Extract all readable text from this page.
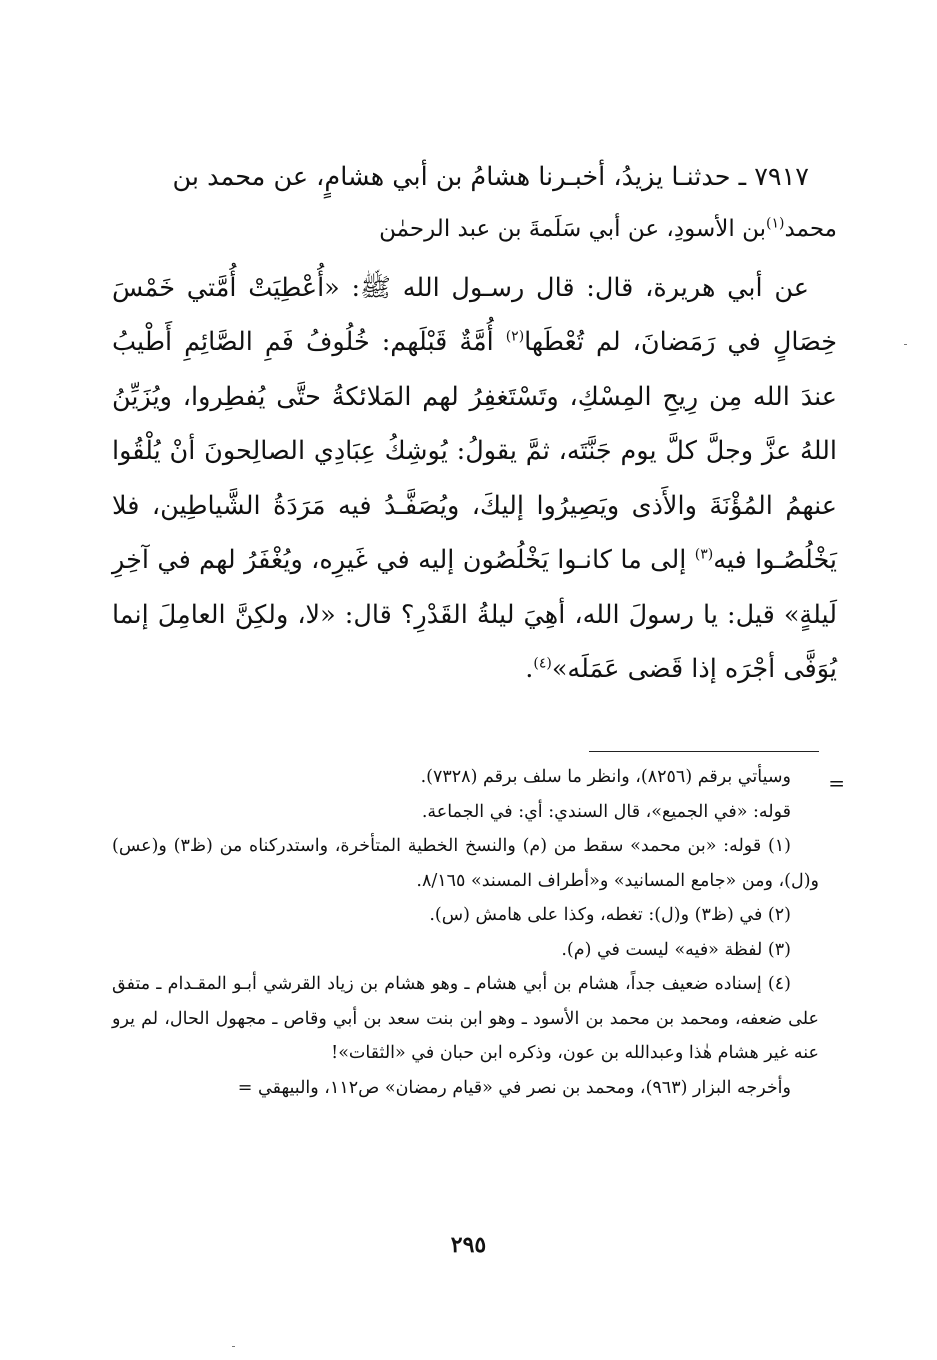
٧٩١٧ ـ حدثنـا يزيدُ، أخبـرنا هشامُ بن أبي هشامٍ، عن محمد بن

محمد$^{(١)}$بن الأسودِ، عن أبي سَلَمةَ بن عبد الرحمٰن

عن أبي هريرة، قال: قال رسـول الله ﷺ: «أُعْطِيَتْ أُمَّتي خَمْسَ خِصَالٍ في رَمَضانَ، لم تُعْطَها$^{(٢)}$ أُمَّةٌ قَبْلَهم: خُلُوفُ فَمِ الصَّائِمِ أَطْيبُ عندَ الله مِن رِيحِ المِسْكِ، وتَسْتَغفِرُ لهم المَلائكةُ حتَّى يُفطِروا، ويُزَيِّنُ اللهُ عزَّ وجلَّ كلَّ يوم جَنَّتَه، ثمَّ يقولُ: يُوشِكُ عِبَادِي الصالِحونَ أنْ يُلْقُوا عنهمُ المُؤْنَةَ والأَذى ويَصِيرُوا إليكَ، ويُصَفَّـدُ فيه مَرَدَةُ الشَّياطِين، فلا يَخْلُصُـوا فيه$^{(٣)}$ إلى ما كانـوا يَخْلُصُون إليه في غَيرِه، ويُغْفَرُ لهم في آخِرِ لَيلةٍ» قيل: يا رسولَ الله، أهِيَ ليلةُ القَدْرِ؟ قال: «لا، ولكِنَّ العامِلَ إنما يُوَفَّى أجْرَه إذا قَضى عَمَلَه»$^{(٤)}$.

=

وسيأتي برقم (٨٢٥٦)، وانظر ما سلف برقم (٧٣٢٨).

قوله: «في الجميع»، قال السندي: أي: في الجماعة.

(١) قوله: «بن محمد» سقط من (م) والنسخ الخطية المتأخرة، واستدركناه من (ظ٣) و(عس) و(ل)، ومن «جامع المسانيد» و«أطراف المسند» ٨/١٦٥.

(٢) في (ظ٣) و(ل): تغطه، وكذا على هامش (س).

(٣) لفظة «فيه» ليست في (م).

(٤) إسناده ضعيف جداً، هشام بن أبي هشام ـ وهو هشام بن زياد القرشي أبـو المقـدام ـ متفق على ضعفه، ومحمد بن محمد بن الأسود ـ وهو ابن بنت سعد بن أبي وقاص ـ مجهول الحال، لم يرو عنه غير هشام هٰذا وعبدالله بن عون، وذكره ابن حبان في «الثقات»!

وأخرجه البزار (٩٦٣)، ومحمد بن نصر في «قيام رمضان» ص١١٢، والبيهقي =

٢٩٥
